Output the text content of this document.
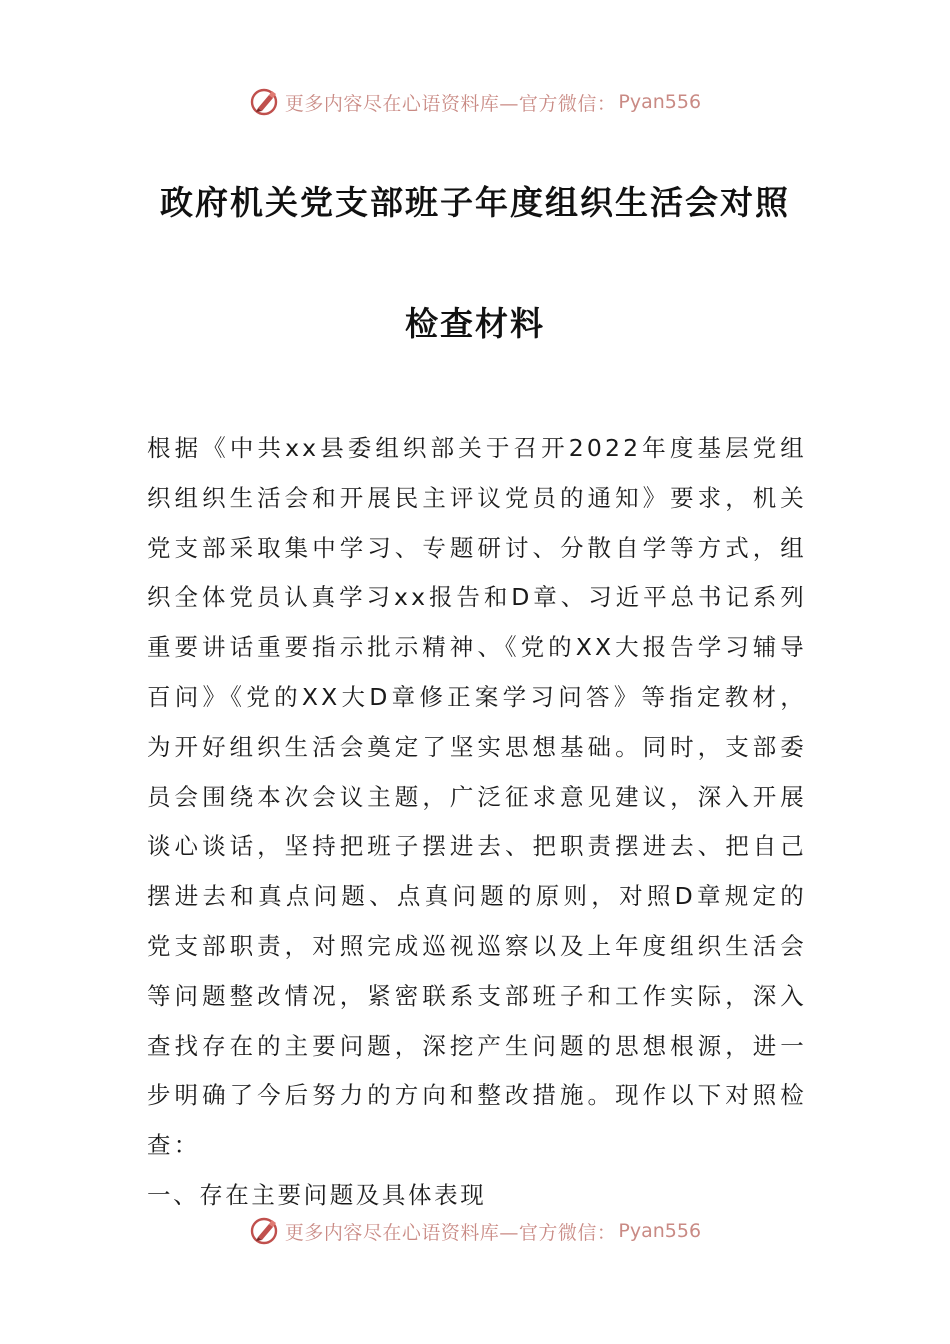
更多内容尽在心语资料库—官方微信： Pyan556
政府机关党支部班子年度组织生活会对照
检查材料

根据《中共xx县委组织部关于召开2022年度基层党组织组织生活会和开展民主评议党员的通知》要求，机关党支部采取集中学习、专题研讨、分散自学等方式，组织全体党员认真学习xx报告和D章、习近平总书记系列重要讲话重要指示批示精神、《党的XX大报告学习辅导百问》《党的XX大D章修正案学习问答》等指定教材，为开好组织生活会奠定了坚实思想基础。同时，支部委员会围绕本次会议主题，广泛征求意见建议，深入开展谈心谈话，坚持把班子摆进去、把职责摆进去、把自己摆进去和真点问题、点真问题的原则，对照D章规定的党支部职责，对照完成巡视巡察以及上年度组织生活会等问题整改情况，紧密联系支部班子和工作实际，深入查找存在的主要问题，深挖产生问题的思想根源，进一步明确了今后努力的方向和整改措施。现作以下对照检查：

一、存在主要问题及具体表现

更多内容尽在心语资料库—官方微信： Pyan556
